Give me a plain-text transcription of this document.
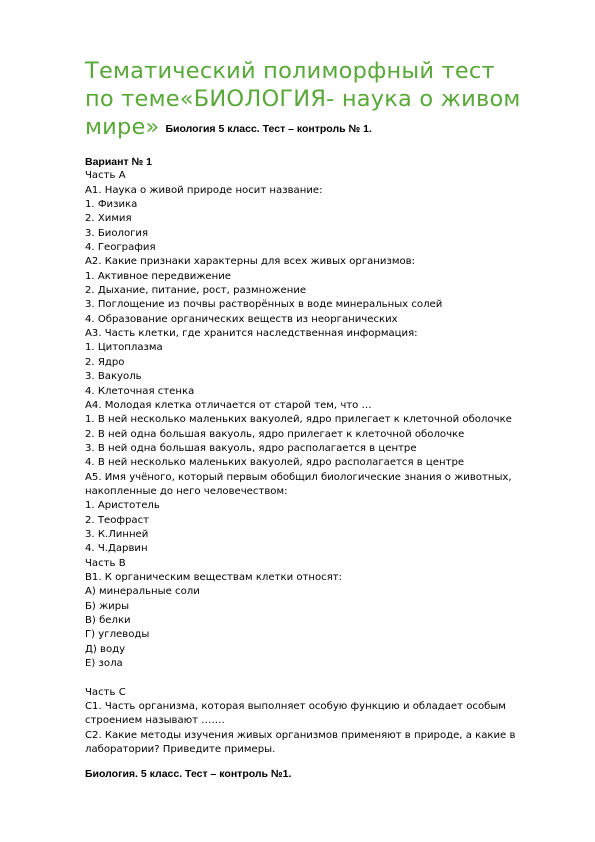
Тематический полиморфный тест
по теме«БИОЛОГИЯ- наука о живом
мире» Биология 5 класс. Тест – контроль № 1.
Вариант № 1
Часть А
А1. Наука о живой природе носит название:
1. Физика
2. Химия
3. Биология
4. География
А2. Какие признаки характерны для всех живых организмов:
1. Активное передвижение
2. Дыхание, питание, рост, размножение
3. Поглощение из почвы растворённых в воде минеральных солей
4. Образование органических веществ из неорганических
А3. Часть клетки, где хранится наследственная информация:
1. Цитоплазма
2. Ядро
3. Вакуоль
4. Клеточная стенка
А4. Молодая клетка отличается от старой тем, что …
1. В ней несколько маленьких вакуолей, ядро прилегает к клеточной оболочке
2. В ней одна большая вакуоль, ядро прилегает к клеточной оболочке
3. В ней одна большая вакуоль, ядро располагается в центре
4. В ней несколько маленьких вакуолей, ядро располагается в центре
А5. Имя учёного, который первым обобщил биологические знания о животных,
накопленные до него человечеством:
1. Аристотель
2. Теофраст
3. К.Линней
4. Ч.Дарвин
Часть В
В1. К органическим веществам клетки относят:
А) минеральные соли
Б) жиры
В) белки
Г) углеводы
Д) воду
Е) зола
Часть С
С1. Часть организма, которая выполняет особую функцию и обладает особым
строением называют …….
С2. Какие методы изучения живых организмов применяют в природе, а какие в
лаборатории? Приведите примеры.
Биология. 5 класс. Тест – контроль №1.
